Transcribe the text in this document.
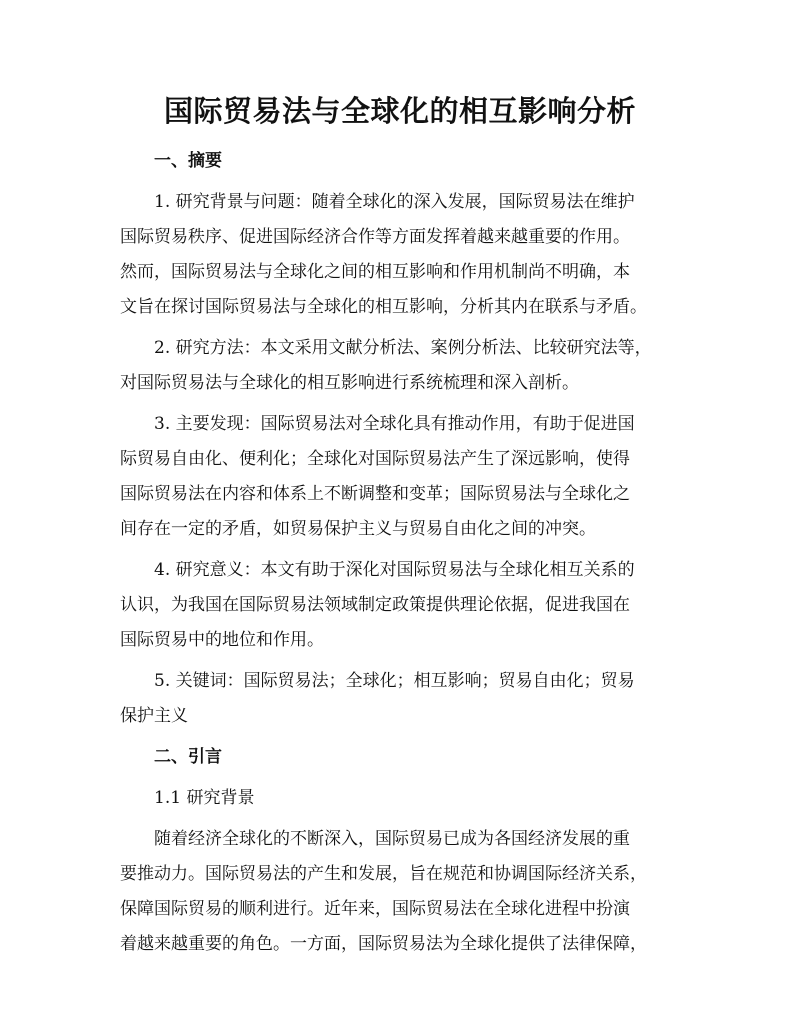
国际贸易法与全球化的相互影响分析
一、摘要
1. 研究背景与问题：随着全球化的深入发展，国际贸易法在维护
国际贸易秩序、促进国际经济合作等方面发挥着越来越重要的作用。
然而，国际贸易法与全球化之间的相互影响和作用机制尚不明确，本
文旨在探讨国际贸易法与全球化的相互影响，分析其内在联系与矛盾。
2. 研究方法：本文采用文献分析法、案例分析法、比较研究法等，
对国际贸易法与全球化的相互影响进行系统梳理和深入剖析。
3. 主要发现：国际贸易法对全球化具有推动作用，有助于促进国
际贸易自由化、便利化；全球化对国际贸易法产生了深远影响，使得
国际贸易法在内容和体系上不断调整和变革；国际贸易法与全球化之
间存在一定的矛盾，如贸易保护主义与贸易自由化之间的冲突。
4. 研究意义：本文有助于深化对国际贸易法与全球化相互关系的
认识，为我国在国际贸易法领域制定政策提供理论依据，促进我国在
国际贸易中的地位和作用。
5. 关键词：国际贸易法；全球化；相互影响；贸易自由化；贸易
保护主义
二、引言
1.1 研究背景
随着经济全球化的不断深入，国际贸易已成为各国经济发展的重
要推动力。国际贸易法的产生和发展，旨在规范和协调国际经济关系，
保障国际贸易的顺利进行。近年来，国际贸易法在全球化进程中扮演
着越来越重要的角色。一方面，国际贸易法为全球化提供了法律保障，
